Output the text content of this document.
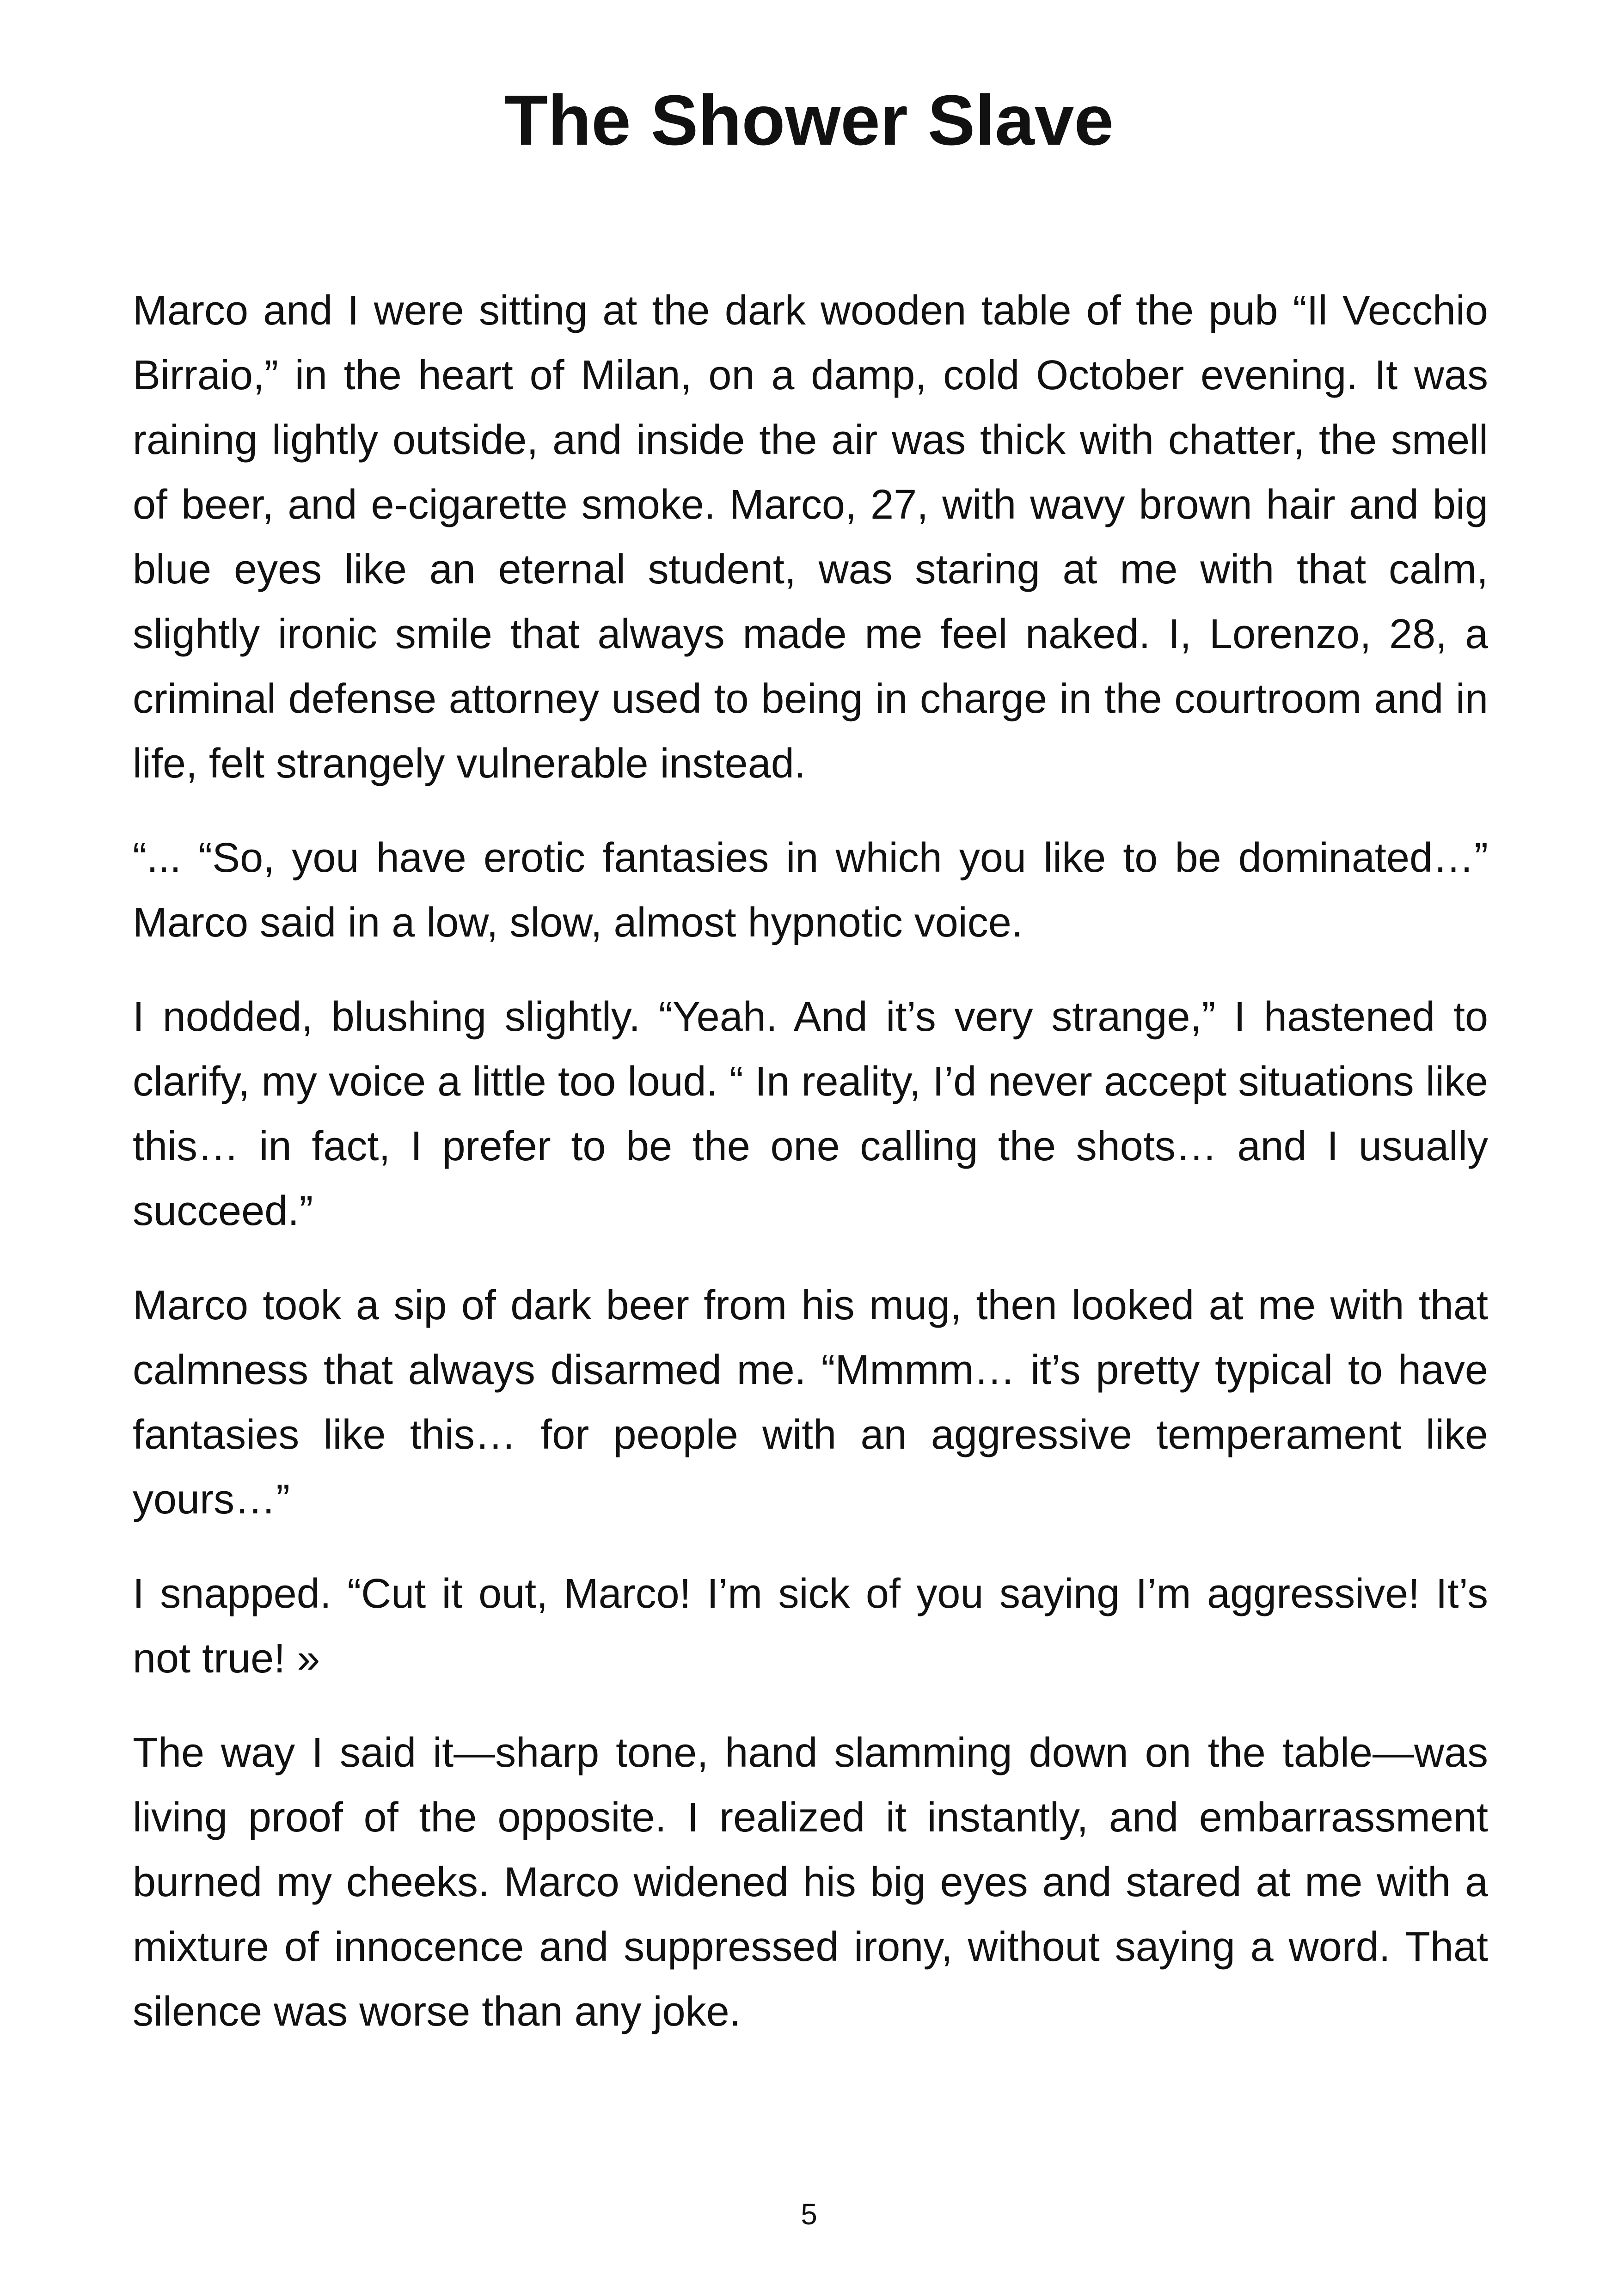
The Shower Slave

Marco and I were sitting at the dark wooden table of the pub “Il Vecchio Birraio,” in the heart of Milan, on a damp, cold October evening. It was raining lightly outside, and inside the air was thick with chatter, the smell of beer, and e-cigarette smoke. Marco, 27, with wavy brown hair and big blue eyes like an eternal student, was staring at me with that calm, slightly ironic smile that always made me feel naked. I, Lorenzo, 28, a criminal defense attorney used to being in charge in the courtroom and in life, felt strangely vulnerable instead.

“... “So, you have erotic fantasies in which you like to be dominated…” Marco said in a low, slow, almost hypnotic voice.

I nodded, blushing slightly. “Yeah. And it’s very strange,” I hastened to clarify, my voice a little too loud. “ In reality, I’d never accept situations like this… in fact, I prefer to be the one calling the shots… and I usually succeed.”

Marco took a sip of dark beer from his mug, then looked at me with that calmness that always disarmed me. “Mmmm… it’s pretty typical to have fantasies like this… for people with an aggressive temperament like yours…”

I snapped. “Cut it out, Marco! I’m sick of you saying I’m aggressive! It’s not true! »

The way I said it—sharp tone, hand slamming down on the table—was living proof of the opposite. I realized it instantly, and embarrassment burned my cheeks. Marco widened his big eyes and stared at me with a mixture of innocence and suppressed irony, without saying a word. That silence was worse than any joke.

5
